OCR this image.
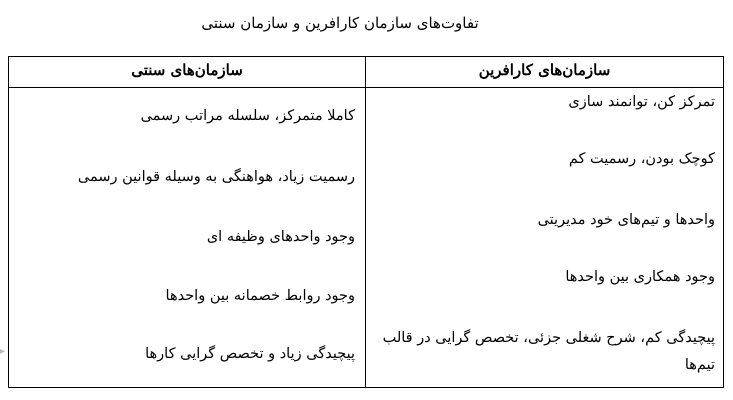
تفاوت‌های سازمان کارافرین و سازمان سنتی
سازمان‌های کارافرین
سازمان‌های سنتی
کاملا متمرکز، سلسله مراتب رسمی
رسمیت زیاد، هواهنگی به وسیله قوانین رسمی
وجود واحدهای وظیفه ای
وجود روابط خصمانه بین واحدها
پیچیدگی زیاد و تخصص گرایی کارها
تمرکز کن، توانمند سازی
کوچک بودن، رسمیت کم
واحدها و تیم‌های خود مدیریتی
وجود همکاری بین واحدها
پیچیدگی کم، شرح شغلی جزئی، تخصص گرایی در قالب تیم‌ها
▸
